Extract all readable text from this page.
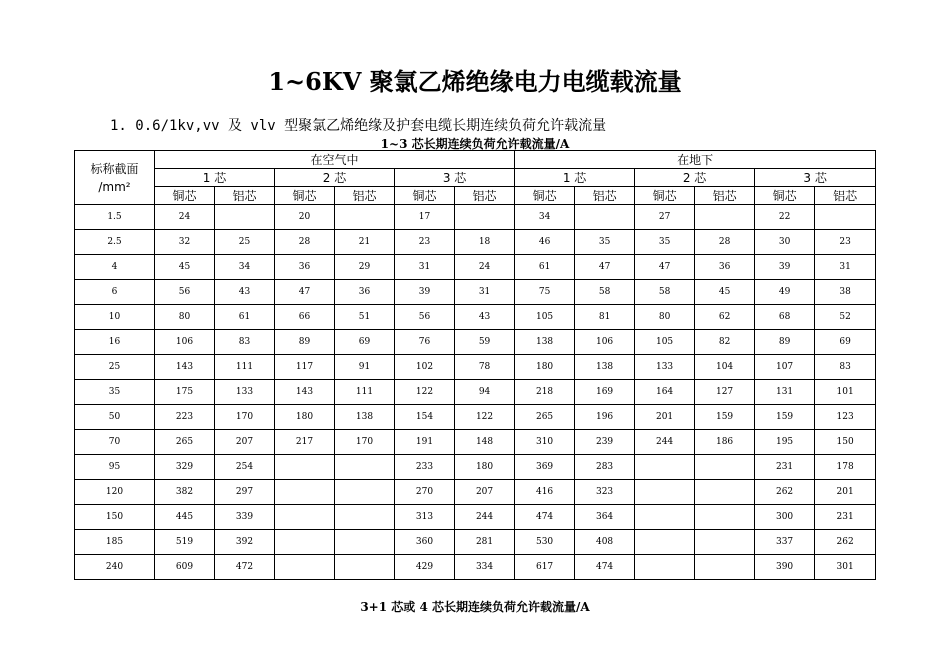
1~6KV 聚氯乙烯绝缘电力电缆载流量
1. 0.6/1kv,vv 及 vlv 型聚氯乙烯绝缘及护套电缆长期连续负荷允许载流量
1~3 芯长期连续负荷允许载流量/A
标称截面
/mm²	在空气中						在地下					
	1 芯		2 芯		3 芯		1 芯		2 芯		3 芯	
	铜芯	铝芯	铜芯	铝芯	铜芯	铝芯	铜芯	铝芯	铜芯	铝芯	铜芯	铝芯
1.5	24		20		17		34		27		22	
2.5	32	25	28	21	23	18	46	35	35	28	30	23
4	45	34	36	29	31	24	61	47	47	36	39	31
6	56	43	47	36	39	31	75	58	58	45	49	38
10	80	61	66	51	56	43	105	81	80	62	68	52
16	106	83	89	69	76	59	138	106	105	82	89	69
25	143	111	117	91	102	78	180	138	133	104	107	83
35	175	133	143	111	122	94	218	169	164	127	131	101
50	223	170	180	138	154	122	265	196	201	159	159	123
70	265	207	217	170	191	148	310	239	244	186	195	150
95	329	254			233	180	369	283			231	178
120	382	297			270	207	416	323			262	201
150	445	339			313	244	474	364			300	231
185	519	392			360	281	530	408			337	262
240	609	472			429	334	617	474			390	301
3+1 芯或 4 芯长期连续负荷允许载流量/A
